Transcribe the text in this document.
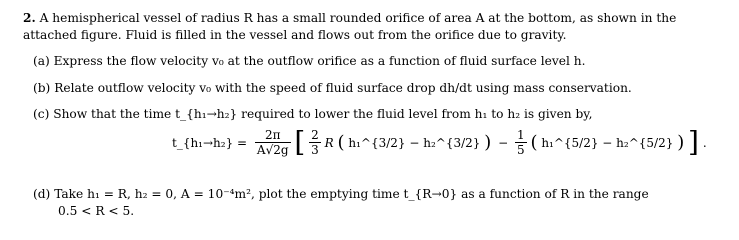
2. A hemispherical vessel of radius R has a small rounded orifice of area A at the bottom, as shown in the
attached figure. Fluid is filled in the vessel and flows out from the orifice due to gravity.
(a) Express the flow velocity v₀ at the outflow orifice as a function of fluid surface level h.
(b) Relate outflow velocity v₀ with the speed of fluid surface drop dh/dt using mass conservation.
(c) Show that the time t_{h₁→h₂} required to lower the fluid level from h₁ to h₂ is given by,
t_{h₁→h₂} = $\frac{2\pi}{A√2g}$ [ $\frac{2}{3}$ R ( h₁^{3/2} − h₂^{3/2} ) − $\frac{1}{5}$ ( h₁^{5/2} − h₂^{5/2} ) ] .
(d) Take h₁ = R, h₂ = 0, A = 10⁻⁴m², plot the emptying time t_{R→0} as a function of R in the range
0.5 < R < 5.
